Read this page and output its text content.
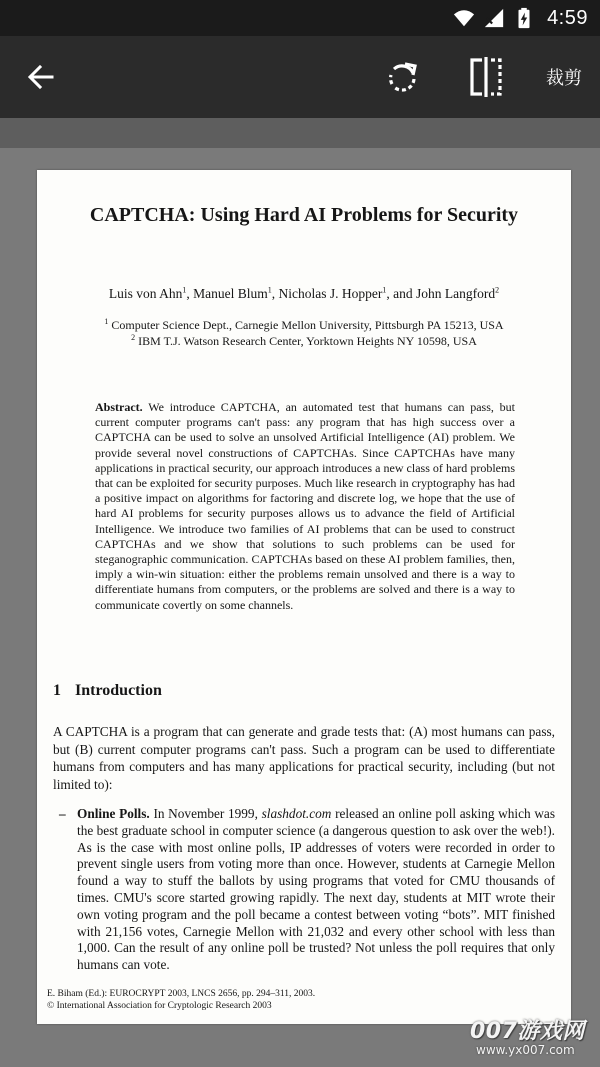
4:59
裁剪
CAPTCHA: Using Hard AI Problems for Security
Luis von Ahn$^1$, Manuel Blum$^1$, Nicholas J. Hopper$^1$, and John Langford$^2$
$^1$ Computer Science Dept., Carnegie Mellon University, Pittsburgh PA 15213, USA
$^2$ IBM T.J. Watson Research Center, Yorktown Heights NY 10598, USA
Abstract. We introduce CAPTCHA, an automated test that humans can pass, but current computer programs can't pass: any program that has high success over a CAPTCHA can be used to solve an unsolved Artificial Intelligence (AI) problem. We provide several novel constructions of CAPTCHAs. Since CAPTCHAs have many applications in practical security, our approach introduces a new class of hard problems that can be exploited for security purposes. Much like research in cryptography has had a positive impact on algorithms for factoring and discrete log, we hope that the use of hard AI problems for security purposes allows us to advance the field of Artificial Intelligence. We introduce two families of AI problems that can be used to construct CAPTCHAs and we show that solutions to such problems can be used for steganographic communication. CAPTCHAs based on these AI problem families, then, imply a win-win situation: either the problems remain unsolved and there is a way to differentiate humans from computers, or the problems are solved and there is a way to communicate covertly on some channels.
1 Introduction
A CAPTCHA is a program that can generate and grade tests that: (A) most humans can pass, but (B) current computer programs can't pass. Such a program can be used to differentiate humans from computers and has many applications for practical security, including (but not limited to):
– Online Polls. In November 1999, slashdot.com released an online poll asking which was the best graduate school in computer science (a dangerous question to ask over the web!). As is the case with most online polls, IP addresses of voters were recorded in order to prevent single users from voting more than once. However, students at Carnegie Mellon found a way to stuff the ballots by using programs that voted for CMU thousands of times. CMU's score started growing rapidly. The next day, students at MIT wrote their own voting program and the poll became a contest between voting “bots”. MIT finished with 21,156 votes, Carnegie Mellon with 21,032 and every other school with less than 1,000. Can the result of any online poll be trusted? Not unless the poll requires that only humans can vote.
E. Biham (Ed.): EUROCRYPT 2003, LNCS 2656, pp. 294–311, 2003.
© International Association for Cryptologic Research 2003
007游戏网
www.yx007.com
